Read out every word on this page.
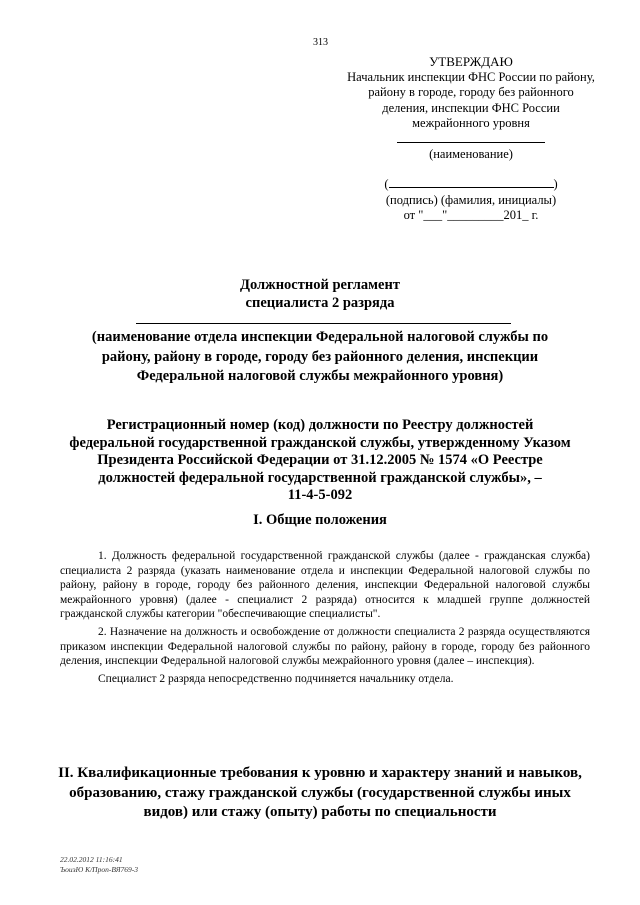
313
УТВЕРЖДАЮ
Начальник инспекции ФНС России по району,
району в городе, городу без районного
деления, инспекции ФНС России
межрайонного уровня
(наименование)
(	)
(подпись) (фамилия, инициалы)
от "___"_________201_ г.
Должностной регламент
специалиста 2 разряда
(наименование отдела инспекции Федеральной налоговой службы по
району, району в городе, городу без районного деления, инспекции
Федеральной налоговой службы межрайонного уровня)
Регистрационный номер (код) должности по Реестру должностей
федеральной государственной гражданской службы, утвержденному Указом
Президента Российской Федерации от 31.12.2005 № 1574 «О Реестре
должностей федеральной государственной гражданской службы», –
11-4-5-092
I. Общие положения

1. Должность федеральной государственной гражданской службы (далее - гражданская служба) специалиста 2 разряда (указать наименование отдела и инспекции Федеральной налоговой службы по району, району в городе, городу без районного деления, инспекции Федеральной налоговой службы межрайонного уровня) (далее - специалист 2 разряда) относится к младшей группе должностей гражданской службы категории "обеспечивающие специалисты".

2. Назначение на должность и освобождение от должности специалиста 2 разряда осуществляются приказом инспекции Федеральной налоговой службы по району, району в городе, городу без районного деления, инспекции Федеральной налоговой службы межрайонного уровня (далее – инспекция).

Специалист 2 разряда непосредственно подчиняется начальнику отдела.

II. Квалификационные требования к уровню и характеру знаний и навыков,
образованию, стажу гражданской службы (государственной службы иных
видов) или стажу (опыту) работы по специальности
22.02.2012 11:16:41
ЪоизЮ К/Проп-ВЯ769-3
